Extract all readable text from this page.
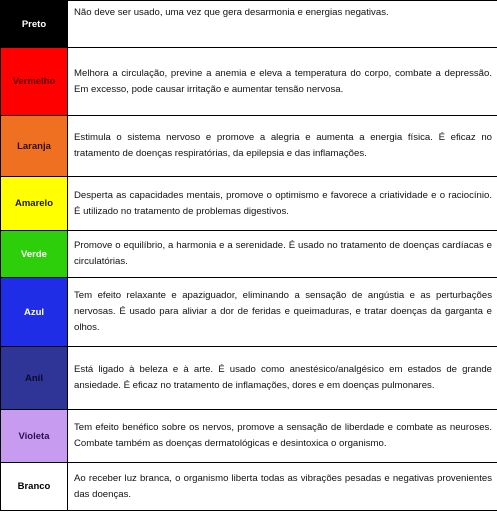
Preto	Não deve ser usado, uma vez que gera desarmonia e energias negativas.
Vermelho	Melhora a circulação, previne a anemia e eleva a temperatura do corpo, combate a depressão. Em excesso, pode causar irritação e aumentar tensão nervosa.
Laranja	Estimula o sistema nervoso e promove a alegria e aumenta a energia física. É eficaz no tratamento de doenças respiratórias, da epilepsia e das inflamações.
Amarelo	Desperta as capacidades mentais, promove o optimismo e favorece a criatividade e o raciocínio. É utilizado no tratamento de problemas digestivos.
Verde	Promove o equilíbrio, a harmonia e a serenidade. É usado no tratamento de doenças cardíacas e circulatórias.
Azul	Tem efeito relaxante e apaziguador, eliminando a sensação de angústia e as perturbações nervosas. É usado para aliviar a dor de feridas e queimaduras, e tratar doenças da garganta e olhos.
Anil	Está ligado à beleza e à arte. É usado como anestésico/analgésico em estados de grande ansiedade. É eficaz no tratamento de inflamações, dores e em doenças pulmonares.
Violeta	Tem efeito benéfico sobre os nervos, promove a sensação de liberdade e combate as neuroses. Combate também as doenças dermatológicas e desintoxica o organismo.
Branco	Ao receber luz branca, o organismo liberta todas as vibrações pesadas e negativas provenientes das doenças.
